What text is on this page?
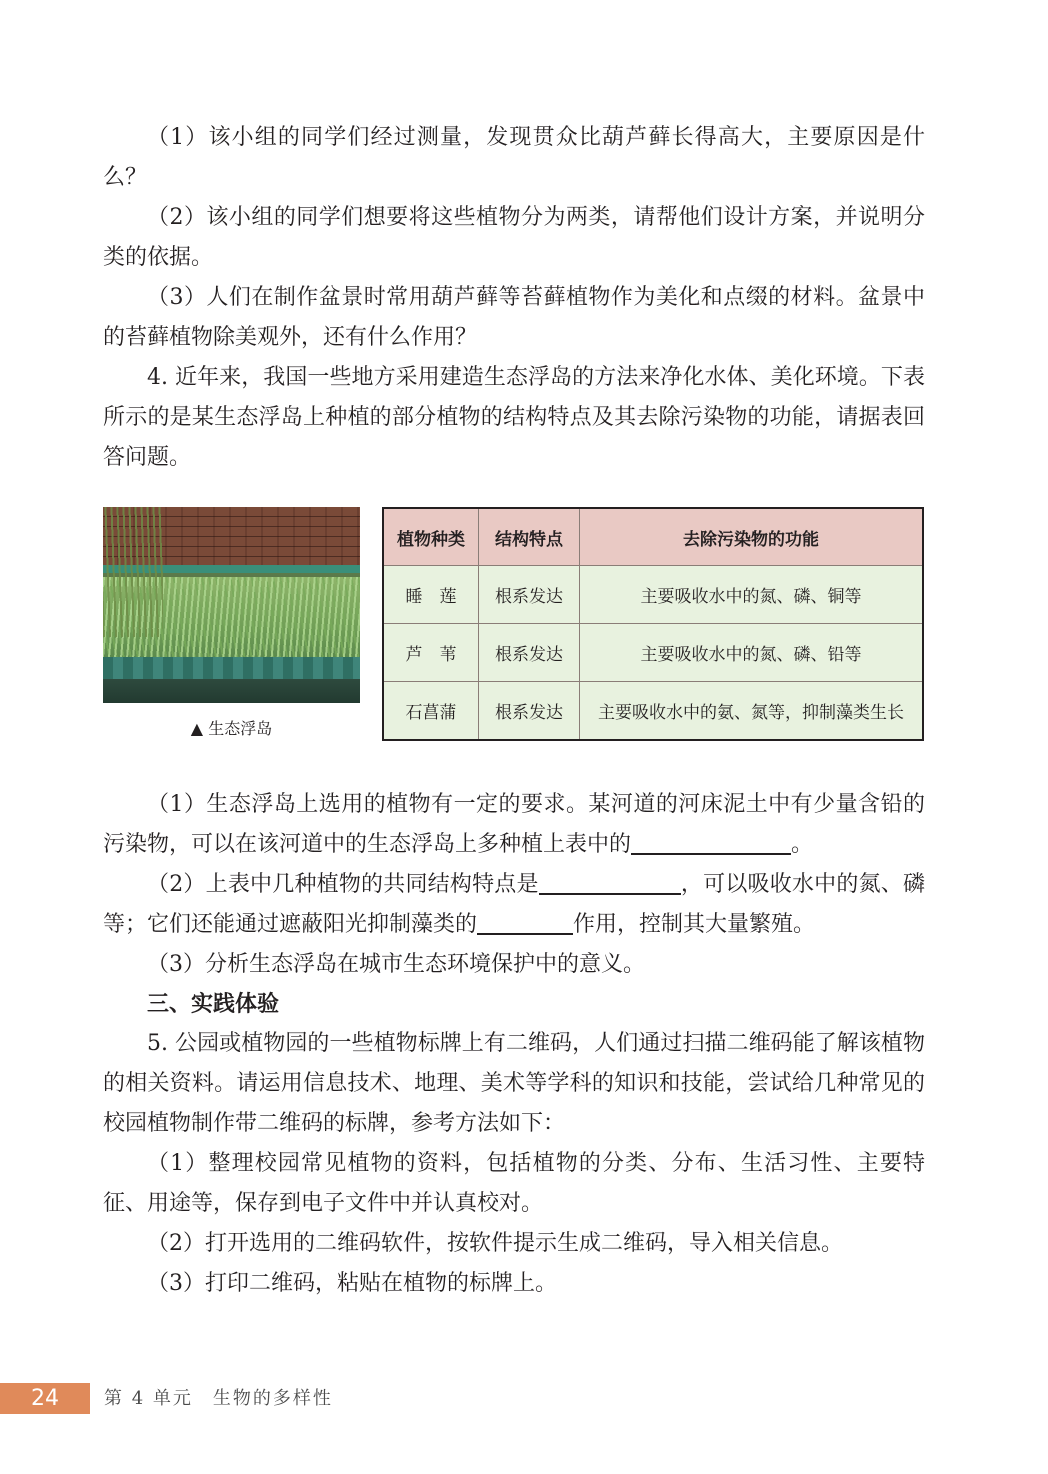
（1）该小组的同学们经过测量，发现贯众比葫芦藓长得高大，主要原因是什么？

（2）该小组的同学们想要将这些植物分为两类，请帮他们设计方案，并说明分类的依据。

（3）人们在制作盆景时常用葫芦藓等苔藓植物作为美化和点缀的材料。盆景中的苔藓植物除美观外，还有什么作用？

4. 近年来，我国一些地方采用建造生态浮岛的方法来净化水体、美化环境。下表所示的是某生态浮岛上种植的部分植物的结构特点及其去除污染物的功能，请据表回答问题。

▲ 生态浮岛
植物种类	结构特点	去除污染物的功能
睡　莲	根系发达	主要吸收水中的氮、磷、铜等
芦　苇	根系发达	主要吸收水中的氮、磷、铅等
石菖蒲	根系发达	主要吸收水中的氨、氮等，抑制藻类生长

（1）生态浮岛上选用的植物有一定的要求。某河道的河床泥土中有少量含铅的污染物，可以在该河道中的生态浮岛上多种植上表中的	。

（2）上表中几种植物的共同结构特点是	，可以吸收水中的氮、磷等；它们还能通过遮蔽阳光抑制藻类的	作用，控制其大量繁殖。

（3）分析生态浮岛在城市生态环境保护中的意义。

三、实践体验

5. 公园或植物园的一些植物标牌上有二维码，人们通过扫描二维码能了解该植物的相关资料。请运用信息技术、地理、美术等学科的知识和技能，尝试给几种常见的校园植物制作带二维码的标牌，参考方法如下：

（1）整理校园常见植物的资料，包括植物的分类、分布、生活习性、主要特征、用途等，保存到电子文件中并认真校对。

（2）打开选用的二维码软件，按软件提示生成二维码，导入相关信息。

（3）打印二维码，粘贴在植物的标牌上。

24	第 4 单元　生物的多样性
